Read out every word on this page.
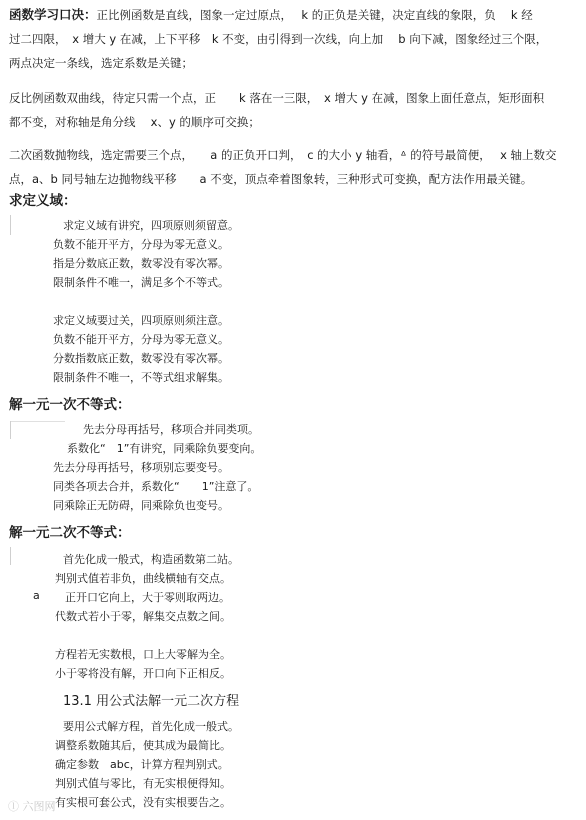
函数学习口决：正比例函数是直线，图象一定过原点，　 k 的正负是关键，决定直线的象限，负　 k 经
过二四限，　x 增大 y 在减，上下平移　k 不变，由引得到一次线，向上加　 b 向下减，图象经过三个限，
两点决定一条线，选定系数是关键；
反比例函数双曲线，待定只需一个点，正　　k 落在一三限，　x 增大 y 在减，图象上面任意点，矩形面积
都不变，对称轴是角分线　 x、y 的顺序可交换；
二次函数抛物线，选定需要三个点，　　a 的正负开口判，　c 的大小 y 轴看，ᐞ 的符号最简便，　 x 轴上数交
点，a、b 同号轴左边抛物线平移　　a 不变，顶点牵着图象转，三种形式可变换，配方法作用最关键。
求定义域：
求定义域有讲究，四项原则须留意。
负数不能开平方，分母为零无意义。
指是分数底正数，数零没有零次幂。
限制条件不唯一，满足多个不等式。

求定义域要过关，四项原则须注意。
负数不能开平方，分母为零无意义。
分数指数底正数，数零没有零次幂。
限制条件不唯一，不等式组求解集。
解一元一次不等式：
先去分母再括号，移项合并同类项。
系数化“　1”有讲究，同乘除负要变向。
先去分母再括号，移项别忘要变号。
同类各项去合并，系数化“　　1”注意了。
同乘除正无防碍，同乘除负也变号。
解一元二次不等式：
首先化成一般式，构造函数第二站。
判别式值若非负，曲线横轴有交点。
正开口它向上，大于零则取两边。
代数式若小于零，解集交点数之间。

方程若无实数根，口上大零解为全。
小于零将没有解，开口向下正相反。
a
13.1 用公式法解一元二次方程
要用公式解方程，首先化成一般式。
调整系数随其后，使其成为最简比。
确定参数　abc，计算方程判别式。
判别式值与零比，有无实根便得知。
有实根可套公式，没有实根要告之。
ⓛ 六图网
